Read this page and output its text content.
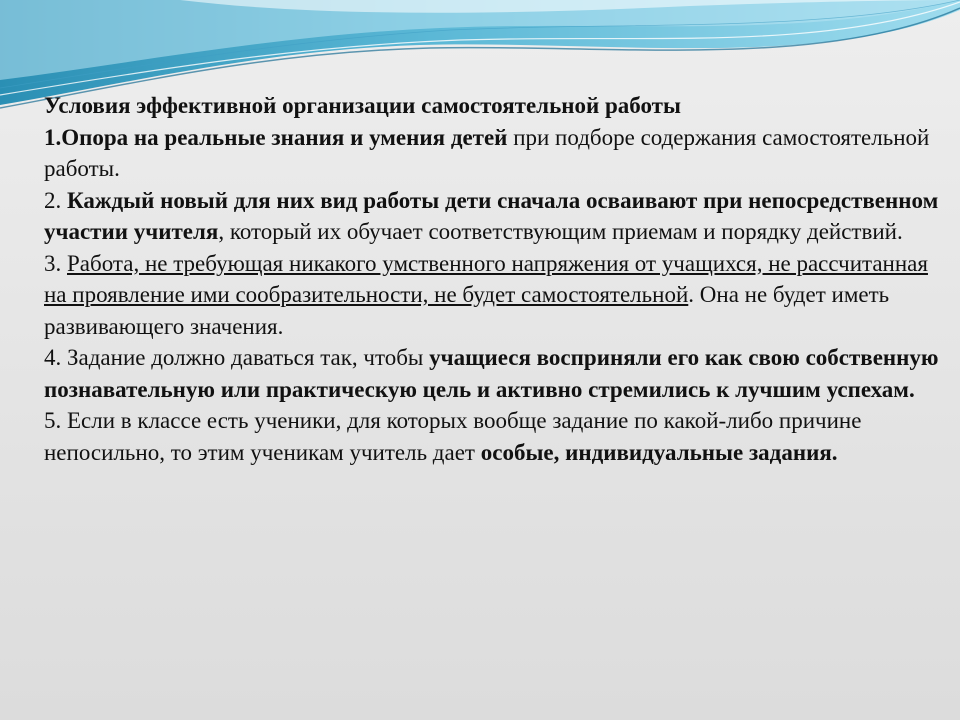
Условия эффективной организации самостоятельной работы

1.Опора на реальные знания и умения детей при подборе содержания самостоятельной работы.

2. Каждый новый для них вид работы дети сначала осваивают при непосредственном участии учителя, который их обучает соответствующим приемам и порядку действий.

3. Работа, не требующая никакого умственного напряжения от учащихся, не рассчитанная на проявление ими сообразительности, не будет самостоятельной. Она не будет иметь развивающего значения.

4. Задание должно даваться так, чтобы учащиеся восприняли его как свою собственную познавательную или практическую цель и активно стремились к лучшим успехам.

5. Если в классе есть ученики, для которых вообще задание по какой-либо причине непосильно, то этим ученикам учитель дает особые, индивидуальные задания.
